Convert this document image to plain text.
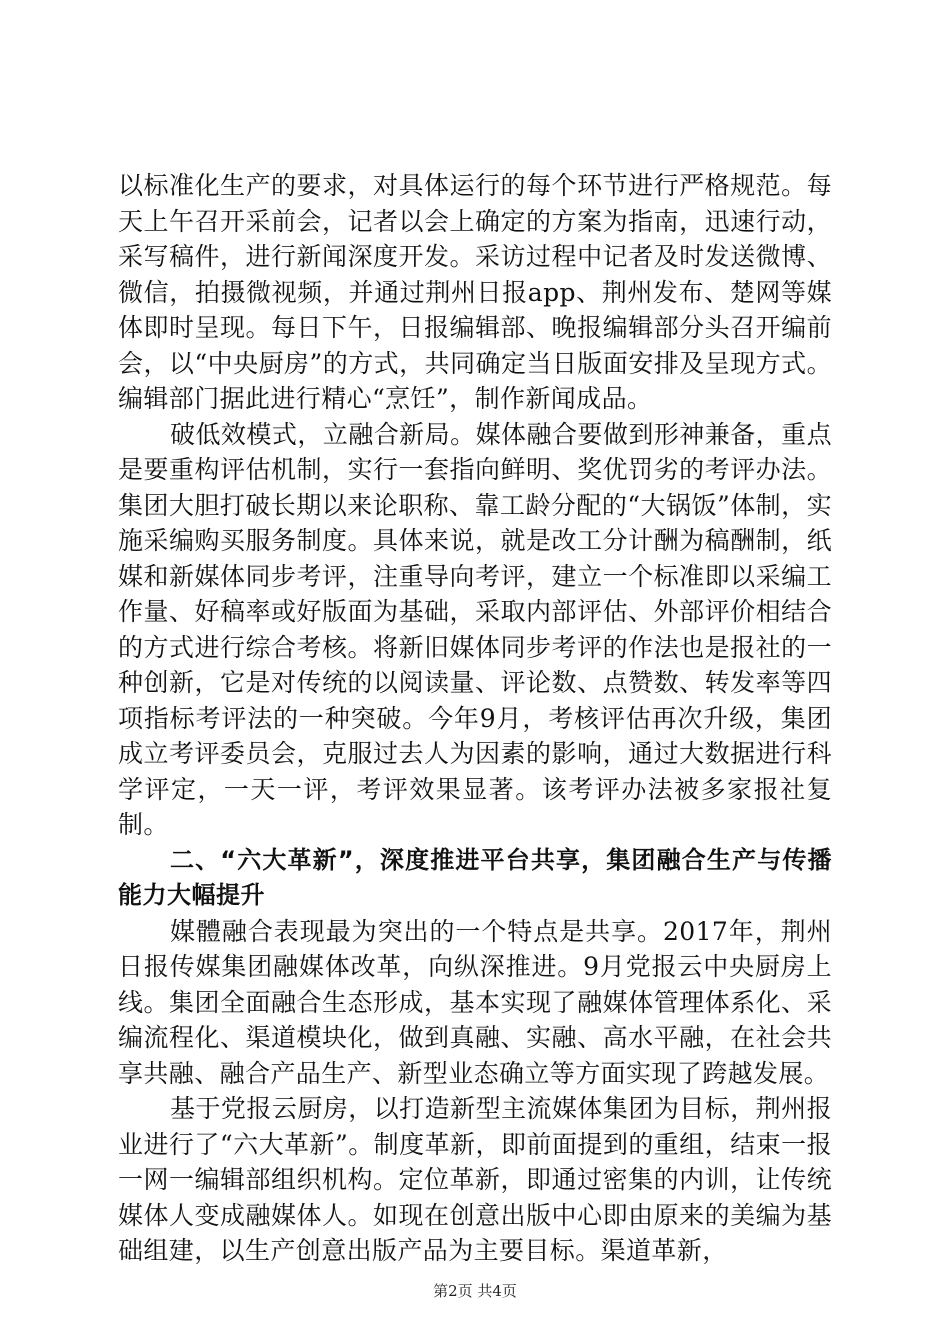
以标准化生产的要求，对具体运行的每个环节进行严格规范。每天上午召开采前会，记者以会上确定的方案为指南，迅速行动，采写稿件，进行新闻深度开发。采访过程中记者及时发送微博、微信，拍摄微视频，并通过荆州日报app、荆州发布、楚网等媒体即时呈现。每日下午，日报编辑部、晚报编辑部分头召开编前会，以“中央厨房”的方式，共同确定当日版面安排及呈现方式。编辑部门据此进行精心“烹饪”，制作新闻成品。

破低效模式，立融合新局。媒体融合要做到形神兼备，重点是要重构评估机制，实行一套指向鲜明、奖优罚劣的考评办法。集团大胆打破长期以来论职称、靠工龄分配的“大锅饭”体制，实施采编购买服务制度。具体来说，就是改工分计酬为稿酬制，纸媒和新媒体同步考评，注重导向考评，建立一个标准即以采编工作量、好稿率或好版面为基础，采取内部评估、外部评价相结合的方式进行综合考核。将新旧媒体同步考评的作法也是报社的一种创新，它是对传统的以阅读量、评论数、点赞数、转发率等四项指标考评法的一种突破。今年9月，考核评估再次升级，集团成立考评委员会，克服过去人为因素的影响，通过大数据进行科学评定，一天一评，考评效果显著。该考评办法被多家报社复制。

二、“六大革新”，深度推进平台共享，集团融合生产与传播能力大幅提升

媒體融合表现最为突出的一个特点是共享。2017年，荆州日报传媒集团融媒体改革，向纵深推进。9月党报云中央厨房上线。集团全面融合生态形成，基本实现了融媒体管理体系化、采编流程化、渠道模块化，做到真融、实融、高水平融，在社会共享共融、融合产品生产、新型业态确立等方面实现了跨越发展。

基于党报云厨房，以打造新型主流媒体集团为目标，荆州报业进行了“六大革新”。制度革新，即前面提到的重组，结束一报一网一编辑部组织机构。定位革新，即通过密集的内训，让传统媒体人变成融媒体人。如现在创意出版中心即由原来的美编为基础组建，以生产创意出版产品为主要目标。渠道革新，

第2页 共4页
